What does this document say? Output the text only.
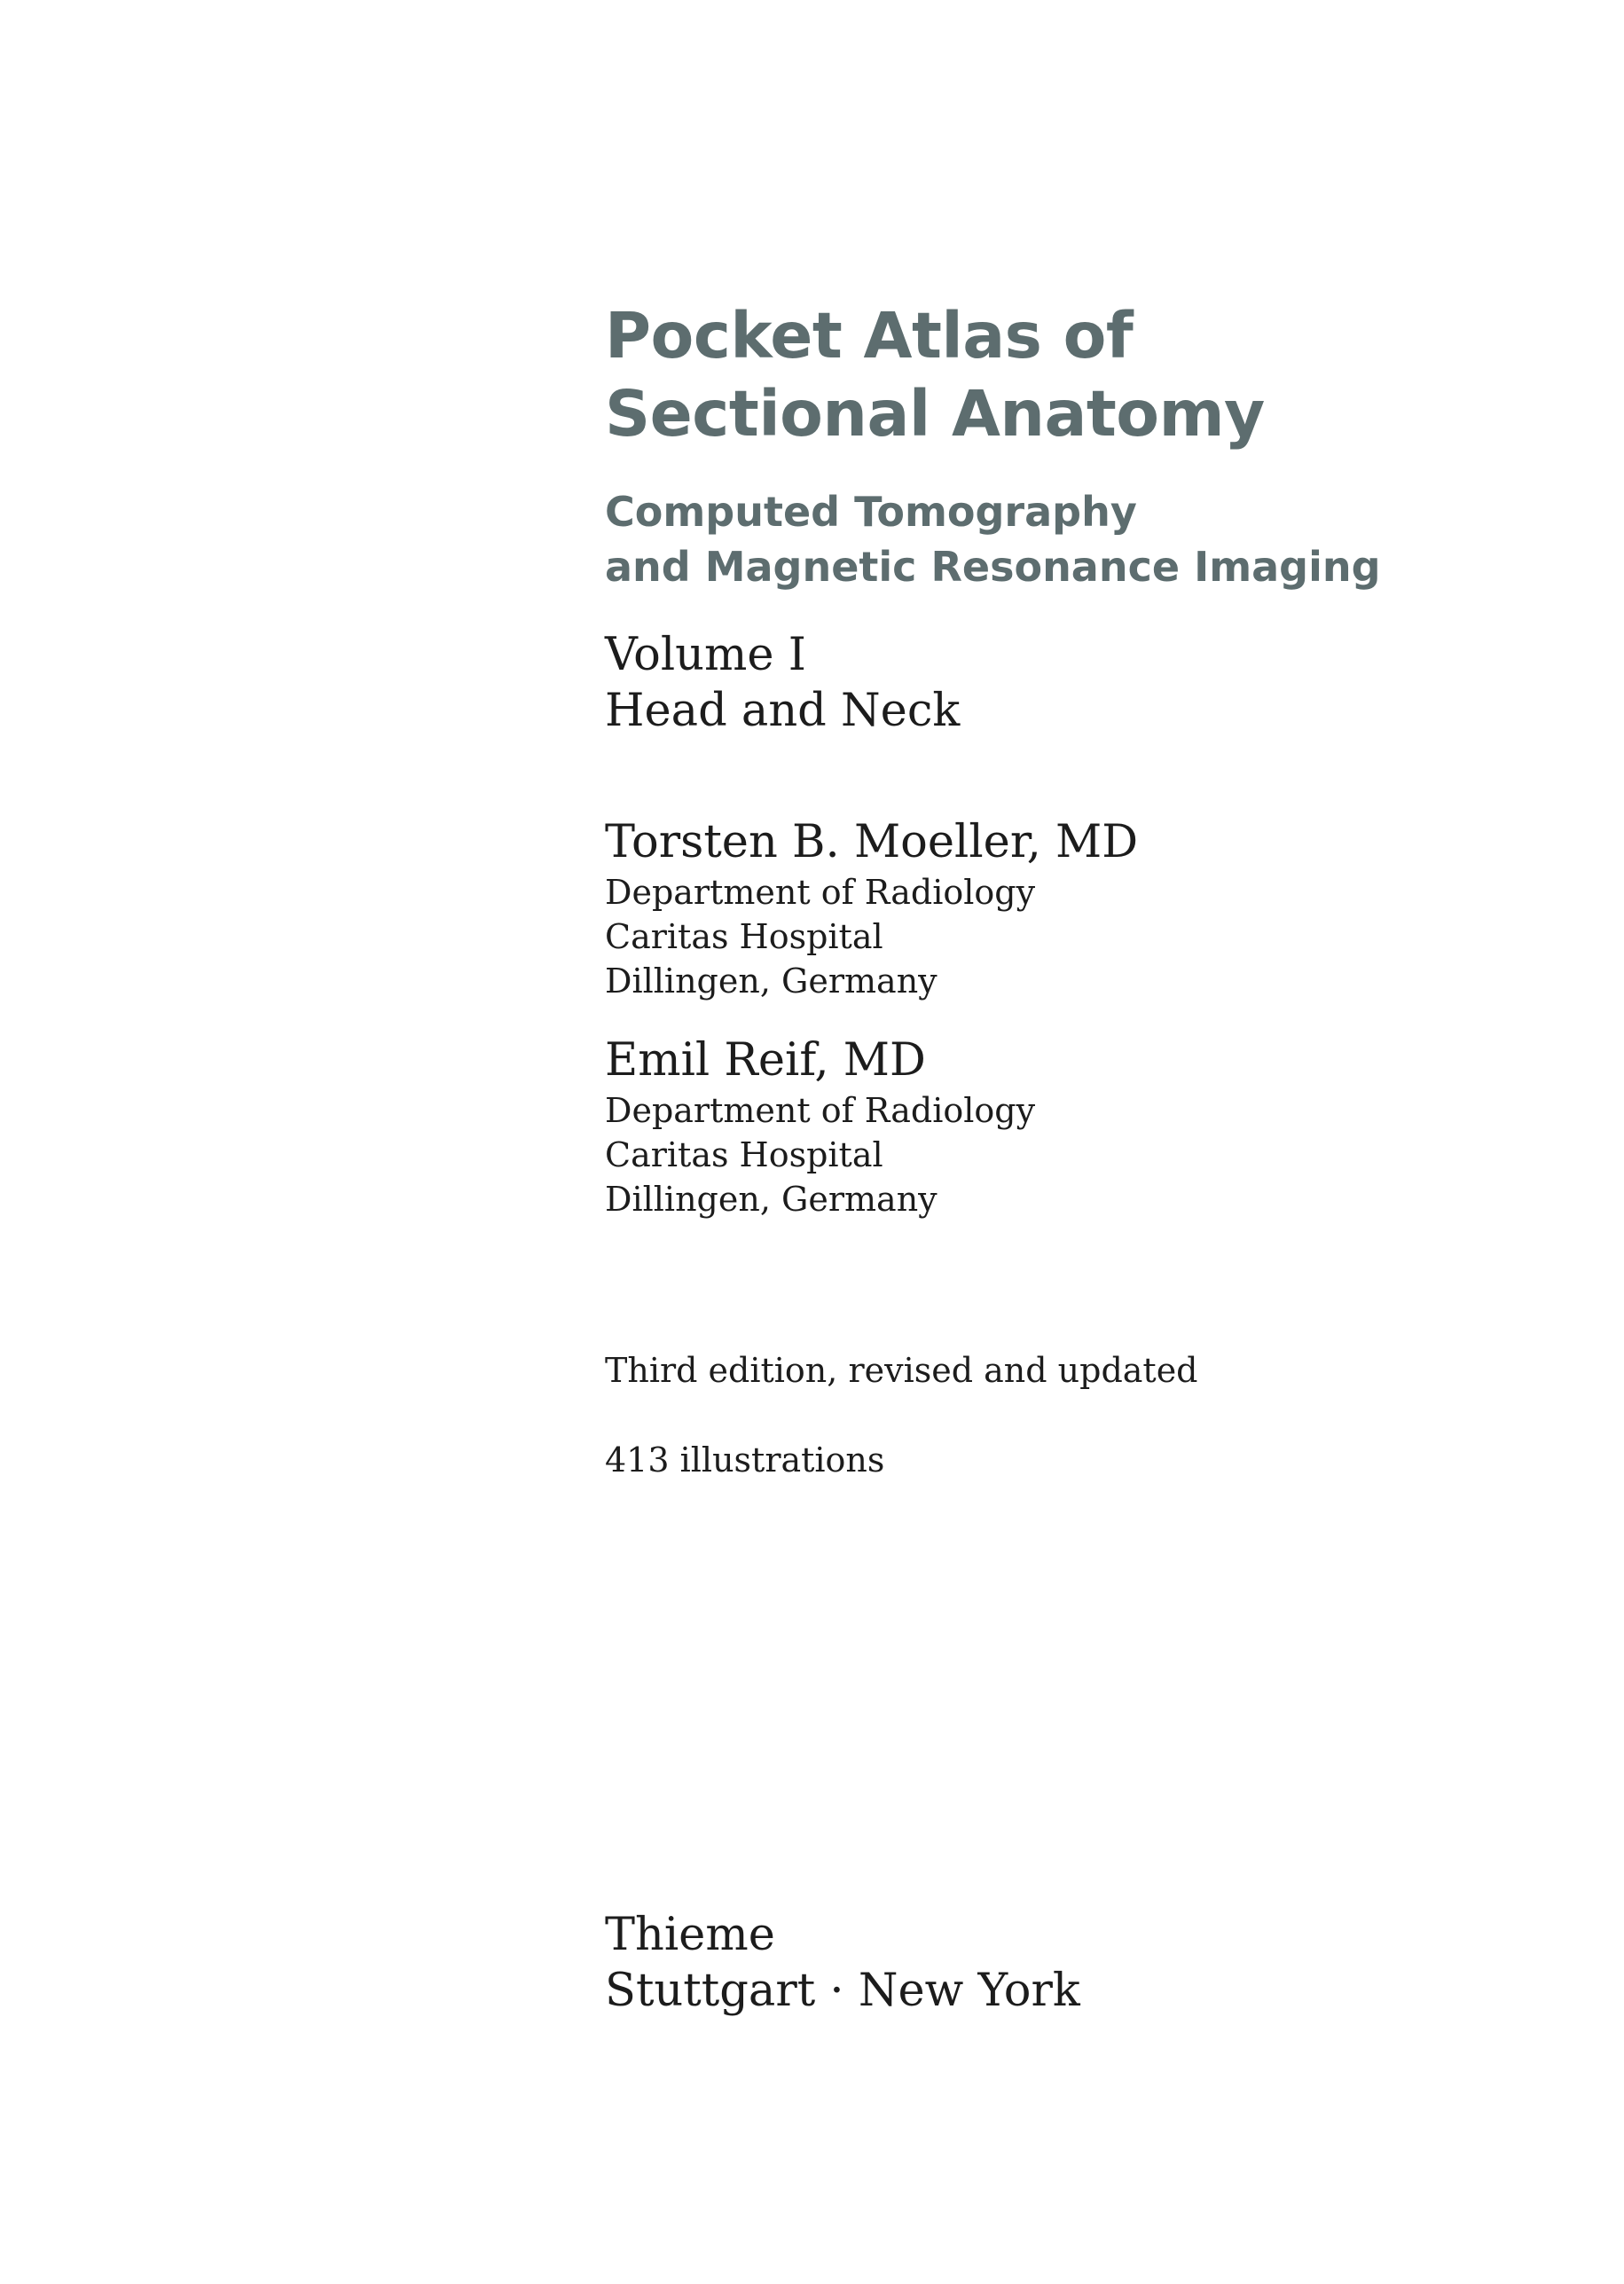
Pocket Atlas of
Sectional Anatomy
Computed Tomography
and Magnetic Resonance Imaging
Volume I
Head and Neck
Torsten B. Moeller, MD
Department of Radiology
Caritas Hospital
Dillingen, Germany
Emil Reif, MD
Department of Radiology
Caritas Hospital
Dillingen, Germany
Third edition, revised and updated
413 illustrations
Thieme
Stuttgart · New York
